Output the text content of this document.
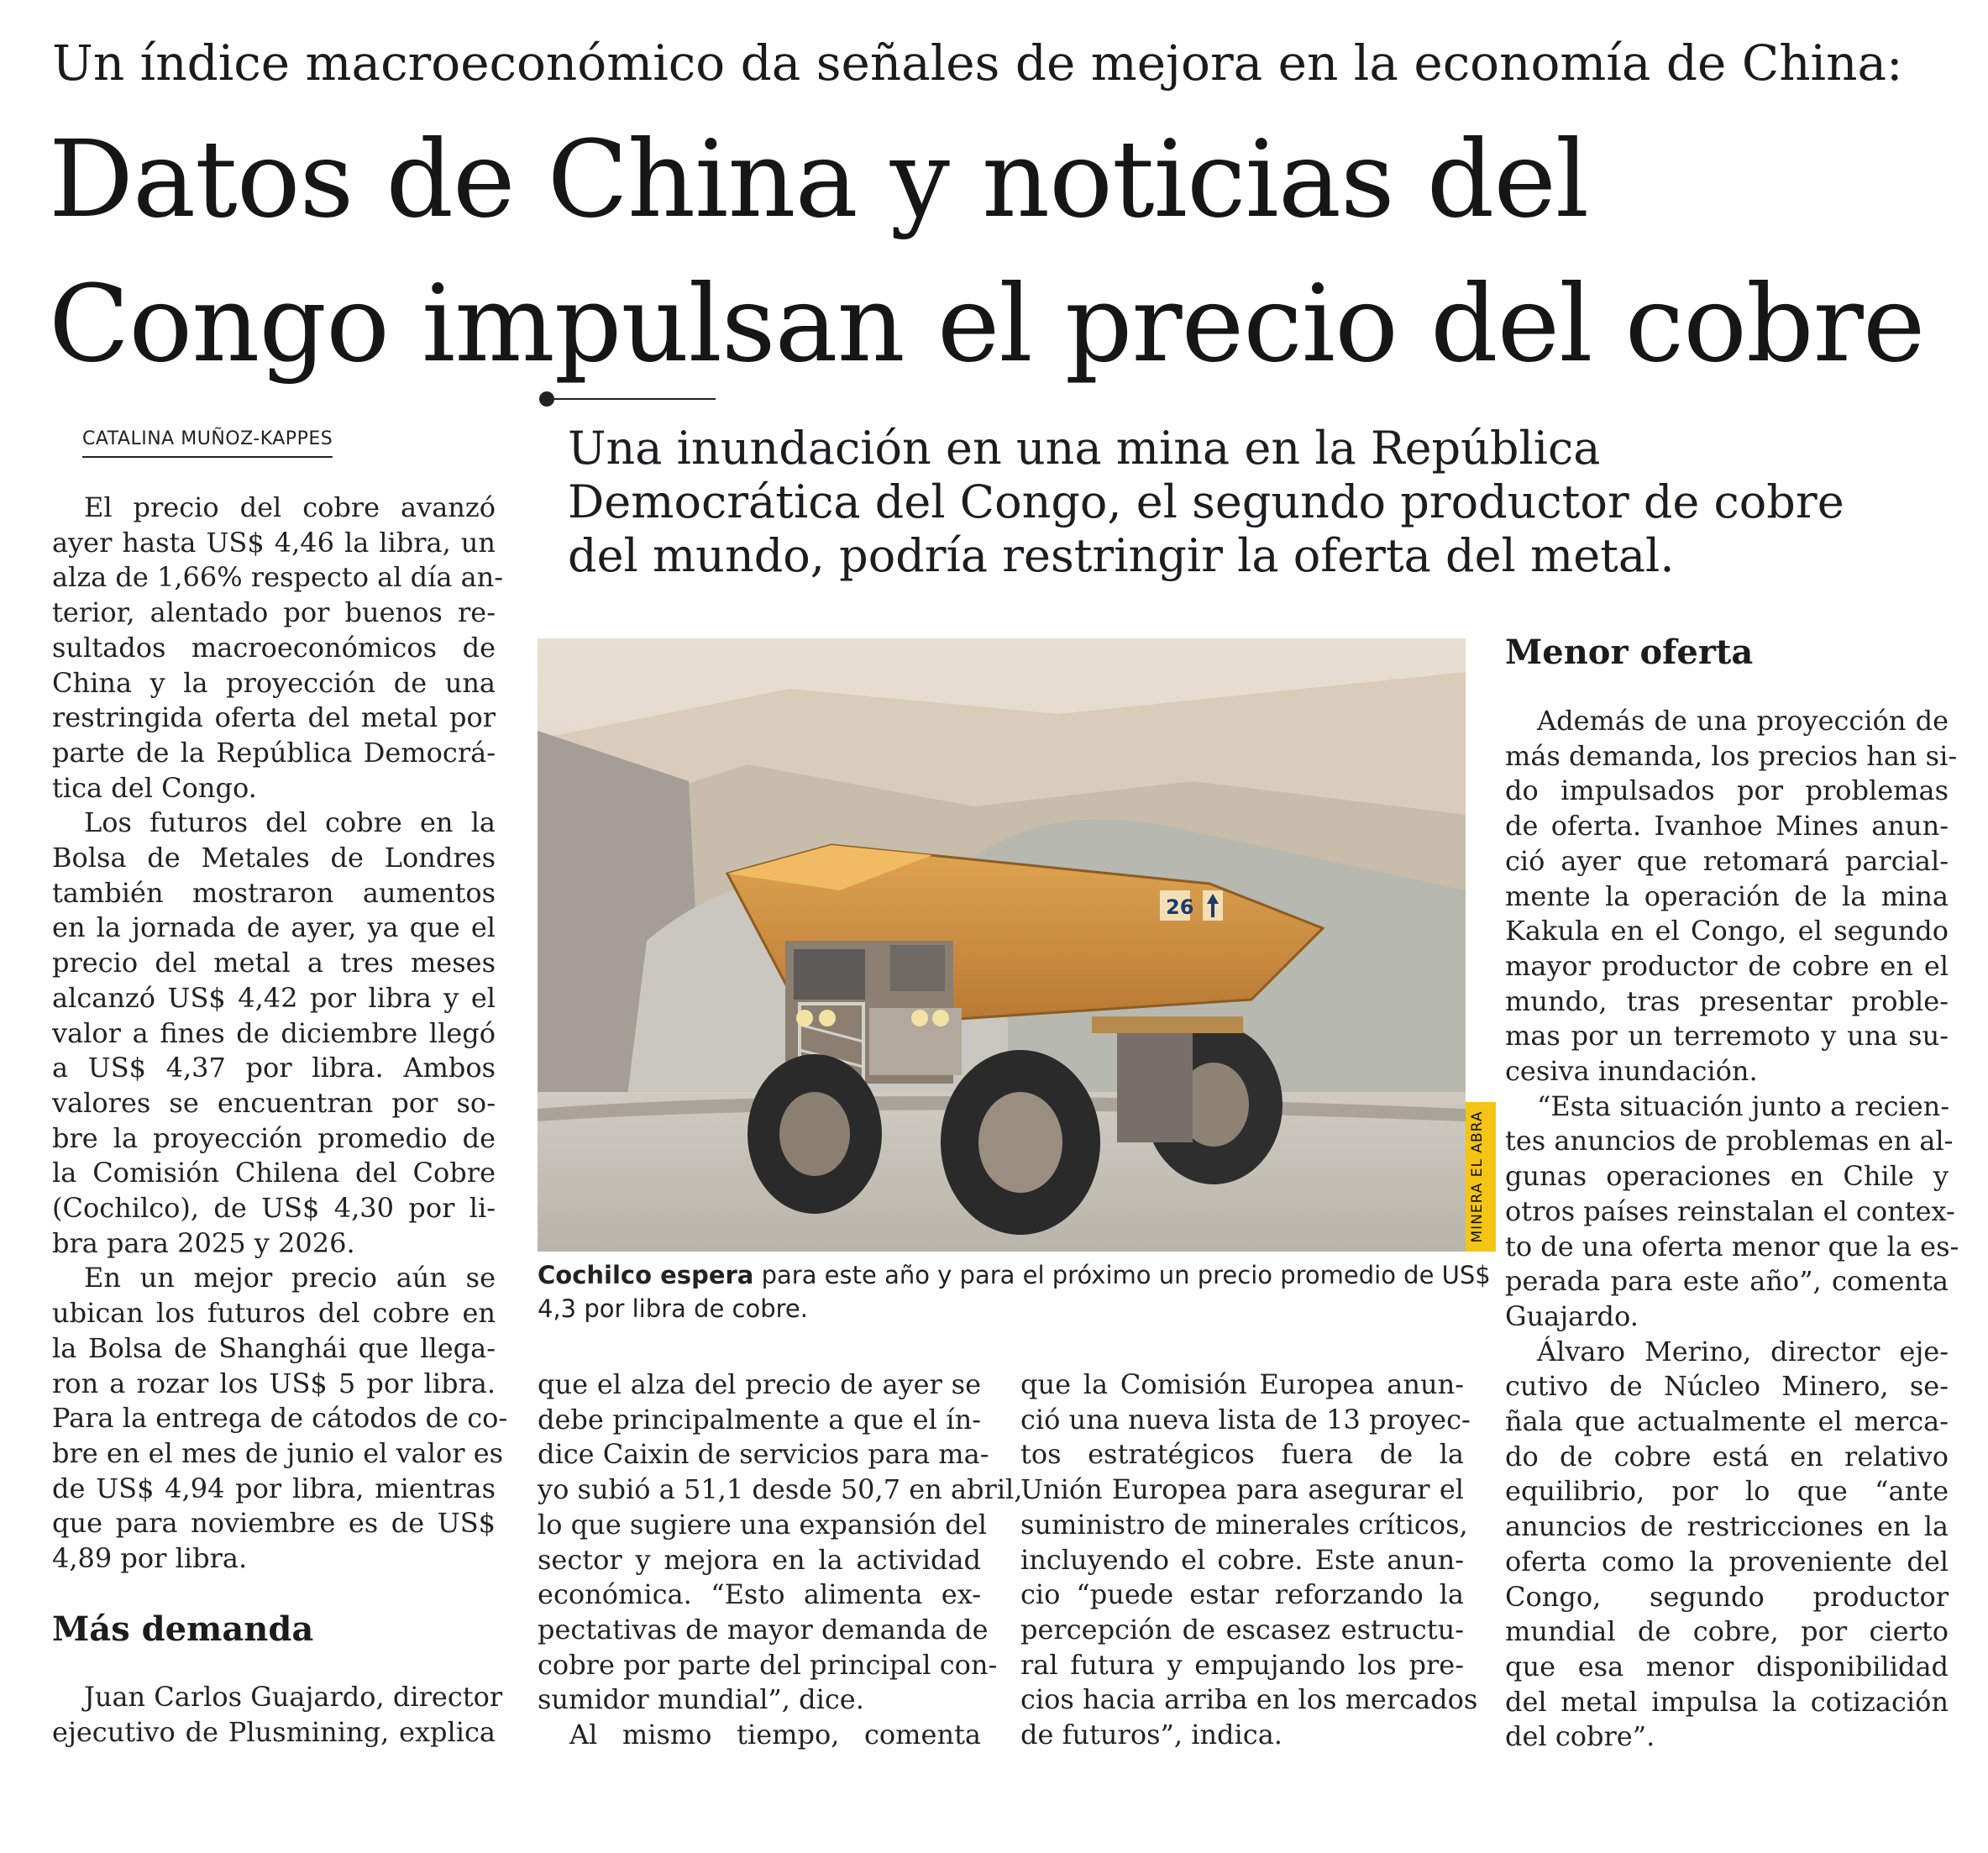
Un índice macroeconómico da señales de mejora en la economía de China:
Datos de China y noticias del
Congo impulsan el precio del cobre
CATALINA MUÑOZ-KAPPES	Una inundación en una mina en la República

Democrática del Congo, el segundo productor de cobre

del mundo, podría restringir la oferta del metal.

26
MINERA EL ABRA
Cochilco espera para este año y para el próximo un precio promedio de US$
4,3 por libra de cobre.
El precio del cobre avanzó
ayer hasta US$ 4,46 la libra, un
alza de 1,66% respecto al día an-
terior, alentado por buenos re-
sultados macroeconómicos de
China y la proyección de una
restringida oferta del metal por
parte de la República Democrá-
tica del Congo.
Los futuros del cobre en la
Bolsa de Metales de Londres
también mostraron aumentos
en la jornada de ayer, ya que el
precio del metal a tres meses
alcanzó US$ 4,42 por libra y el
valor a fines de diciembre llegó
a US$ 4,37 por libra. Ambos
valores se encuentran por so-
bre la proyección promedio de
la Comisión Chilena del Cobre
(Cochilco), de US$ 4,30 por li-
bra para 2025 y 2026.
En un mejor precio aún se
ubican los futuros del cobre en
la Bolsa de Shanghái que llega-
ron a rozar los US$ 5 por libra.
Para la entrega de cátodos de co-
bre en el mes de junio el valor es
de US$ 4,94 por libra, mientras
que para noviembre es de US$
4,89 por libra.
Más demanda
Juan Carlos Guajardo, director
ejecutivo de Plusmining, explica
que el alza del precio de ayer se
debe principalmente a que el ín-
dice Caixin de servicios para ma-
yo subió a 51,1 desde 50,7 en abril,
lo que sugiere una expansión del
sector y mejora en la actividad
económica. “Esto alimenta ex-
pectativas de mayor demanda de
cobre por parte del principal con-
sumidor mundial”, dice.
Al mismo tiempo, comenta
que la Comisión Europea anun-
ció una nueva lista de 13 proyec-
tos estratégicos fuera de la
Unión Europea para asegurar el
suministro de minerales críticos,
incluyendo el cobre. Este anun-
cio “puede estar reforzando la
percepción de escasez estructu-
ral futura y empujando los pre-
cios hacia arriba en los mercados
de futuros”, indica.
Menor oferta
Además de una proyección de
más demanda, los precios han si-
do impulsados por problemas
de oferta. Ivanhoe Mines anun-
ció ayer que retomará parcial-
mente la operación de la mina
Kakula en el Congo, el segundo
mayor productor de cobre en el
mundo, tras presentar proble-
mas por un terremoto y una su-
cesiva inundación.
“Esta situación junto a recien-
tes anuncios de problemas en al-
gunas operaciones en Chile y
otros países reinstalan el contex-
to de una oferta menor que la es-
perada para este año”, comenta
Guajardo.
Álvaro Merino, director eje-
cutivo de Núcleo Minero, se-
ñala que actualmente el merca-
do de cobre está en relativo
equilibrio, por lo que “ante
anuncios de restricciones en la
oferta como la proveniente del
Congo, segundo productor
mundial de cobre, por cierto
que esa menor disponibilidad
del metal impulsa la cotización
del cobre”.
